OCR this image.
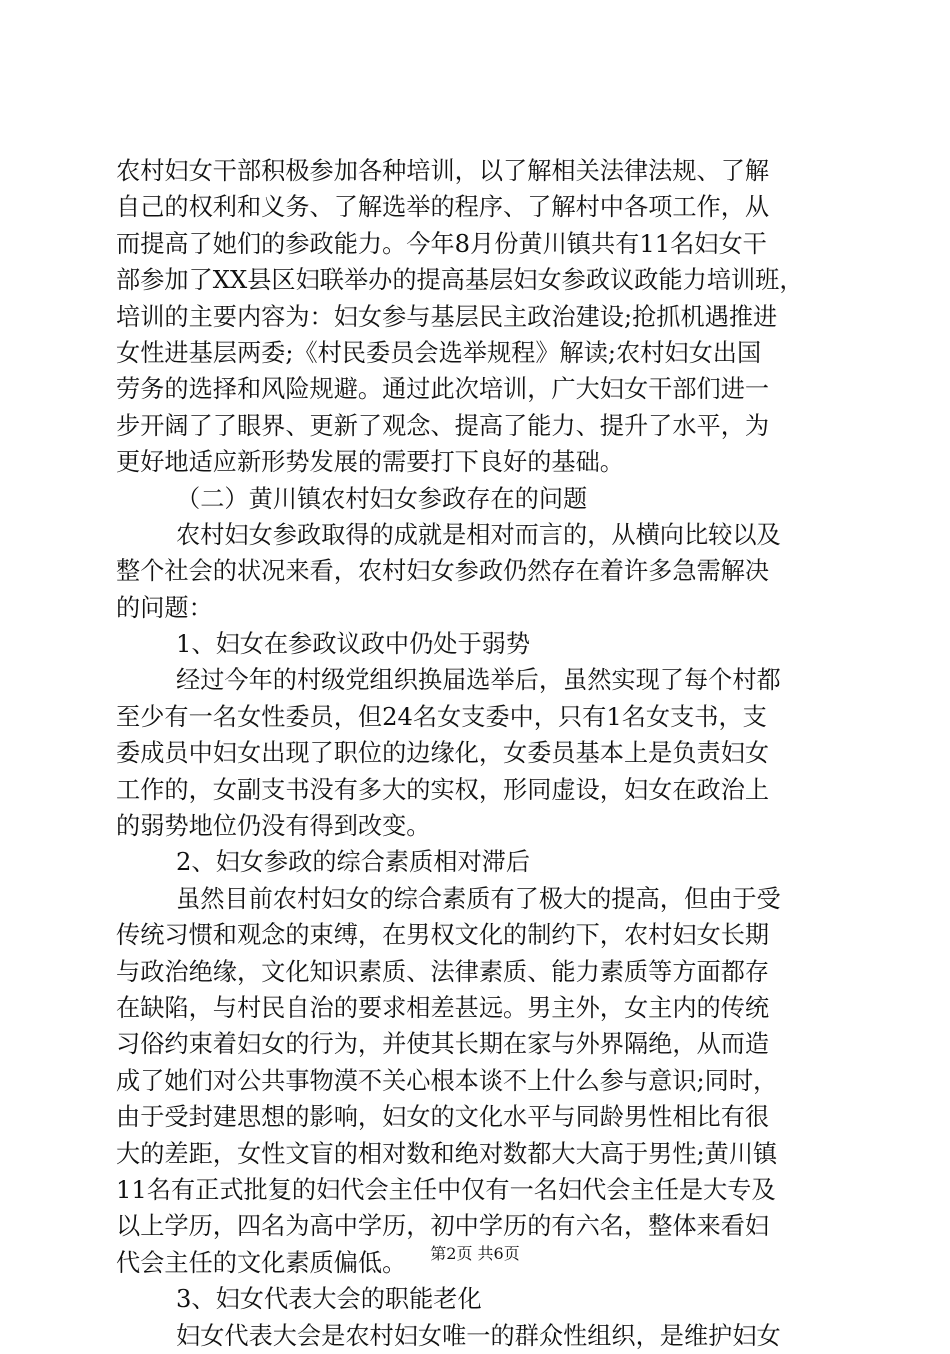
农村妇女干部积极参加各种培训，以了解相关法律法规、了解
自己的权利和义务、了解选举的程序、了解村中各项工作，从
而提高了她们的参政能力。今年8月份黄川镇共有11名妇女干
部参加了XX县区妇联举办的提高基层妇女参政议政能力培训班，
培训的主要内容为：妇女参与基层民主政治建设;抢抓机遇推进
女性进基层两委;《村民委员会选举规程》解读;农村妇女出国
劳务的选择和风险规避。通过此次培训，广大妇女干部们进一
步开阔了了眼界、更新了观念、提高了能力、提升了水平，为
更好地适应新形势发展的需要打下良好的基础。
（二）黄川镇农村妇女参政存在的问题
农村妇女参政取得的成就是相对而言的，从横向比较以及
整个社会的状况来看，农村妇女参政仍然存在着许多急需解决
的问题：
1、妇女在参政议政中仍处于弱势
经过今年的村级党组织换届选举后，虽然实现了每个村都
至少有一名女性委员，但24名女支委中，只有1名女支书，支
委成员中妇女出现了职位的边缘化，女委员基本上是负责妇女
工作的，女副支书没有多大的实权，形同虚设，妇女在政治上
的弱势地位仍没有得到改变。
2、妇女参政的综合素质相对滞后
虽然目前农村妇女的综合素质有了极大的提高，但由于受
传统习惯和观念的束缚，在男权文化的制约下，农村妇女长期
与政治绝缘，文化知识素质、法律素质、能力素质等方面都存
在缺陷，与村民自治的要求相差甚远。男主外，女主内的传统
习俗约束着妇女的行为，并使其长期在家与外界隔绝，从而造
成了她们对公共事物漠不关心根本谈不上什么参与意识;同时，
由于受封建思想的影响，妇女的文化水平与同龄男性相比有很
大的差距，女性文盲的相对数和绝对数都大大高于男性;黄川镇
11名有正式批复的妇代会主任中仅有一名妇代会主任是大专及
以上学历，四名为高中学历，初中学历的有六名，整体来看妇
代会主任的文化素质偏低。
3、妇女代表大会的职能老化
妇女代表大会是农村妇女唯一的群众性组织，是维护妇女
第2页 共6页
